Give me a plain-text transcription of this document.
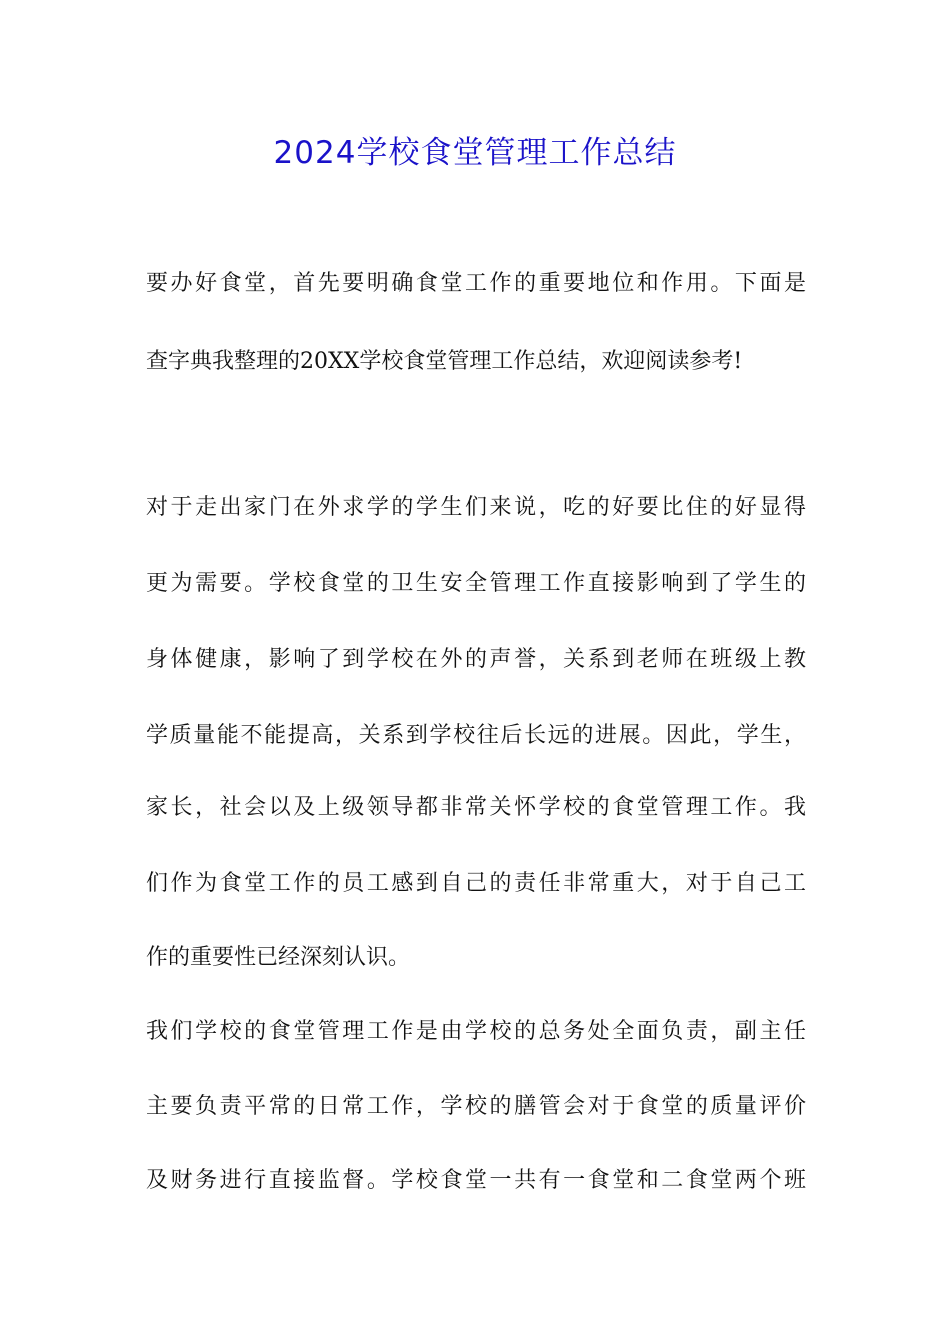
2024学校食堂管理工作总结
要办好食堂，首先要明确食堂工作的重要地位和作用。下面是
查字典我整理的20XX学校食堂管理工作总结，欢迎阅读参考!
对于走出家门在外求学的学生们来说，吃的好要比住的好显得
更为需要。学校食堂的卫生安全管理工作直接影响到了学生的
身体健康，影响了到学校在外的声誉，关系到老师在班级上教
学质量能不能提高，关系到学校往后长远的进展。因此，学生，
家长，社会以及上级领导都非常关怀学校的食堂管理工作。我
们作为食堂工作的员工感到自己的责任非常重大，对于自己工
作的重要性已经深刻认识。
我们学校的食堂管理工作是由学校的总务处全面负责，副主任
主要负责平常的日常工作，学校的膳管会对于食堂的质量评价
及财务进行直接监督。学校食堂一共有一食堂和二食堂两个班
